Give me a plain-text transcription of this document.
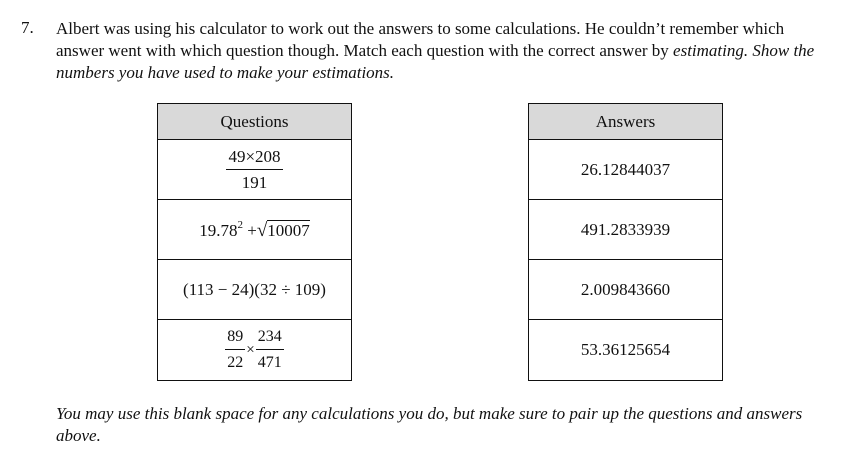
7. Albert was using his calculator to work out the answers to some calculations. He couldn’t remember which answer went with which question though. Match each question with the correct answer by estimating. Show the numbers you have used to make your estimations.
Questions
$\frac{49\times 208}{191}$
$19.78^2$ + √ 10007
(113 − 24)(32 ÷ 109)
$\frac{89}{22} \times \frac{234}{471}$
Answers
26.12844037
491.2833939
2.009843660
53.36125654
You may use this blank space for any calculations you do, but make sure to pair up the questions and answers above.
